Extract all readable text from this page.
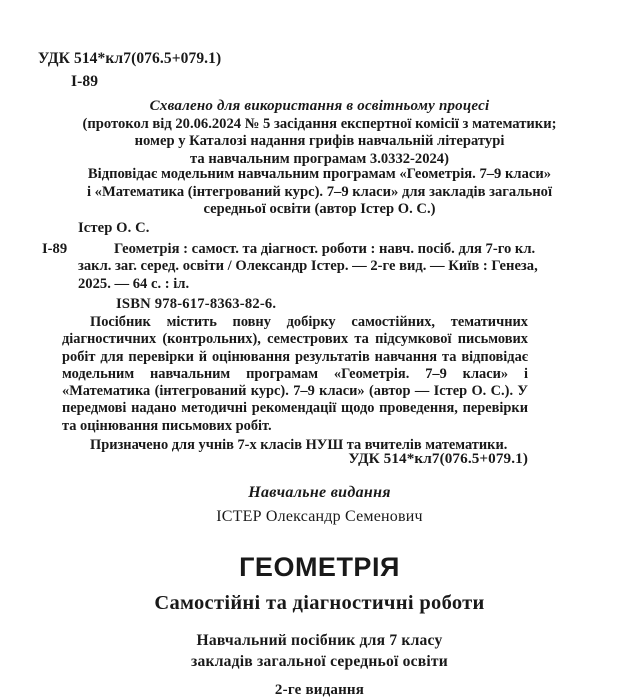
УДК 514*кл7(076.5+079.1)
І-89
Схвалено для використання в освітньому процесі
(протокол від 20.06.2024 № 5 засідання експертної комісії з математики;
номер у Каталозі надання грифів навчальній літературі
та навчальним програмам 3.0332-2024)
Відповідає модельним навчальним програмам «Геометрія. 7–9 класи»
і «Математика (інтегрований курс). 7–9 класи» для закладів загальної
середньої освіти (автор Істер О. С.)
Істер О. С.
І-89	Геометрія : самост. та діагност. роботи : навч. посіб. для 7-го кл. закл. заг. серед. освіти / Олександр Істер. — 2-ге вид. — Київ : Генеза, 2025. — 64 с. : іл.
ISBN 978-617-8363-82-6.

Посібник містить повну добірку самостійних, тематичних діагностичних (контрольних), семестрових та підсумкової письмових робіт для перевірки й оцінювання результатів навчання та відповідає модельним навчальним програмам «Геометрія. 7–9 класи» і «Математика (інтегрований курс). 7–9 класи» (автор — Істер О. С.). У передмові надано методичні рекомендації щодо проведення, перевірки та оцінювання письмових робіт.

Призначено для учнів 7-х класів НУШ та вчителів математики.

УДК 514*кл7(076.5+079.1)
Навчальне видання
ІСТЕР Олександр Семенович
ГЕОМЕТРІЯ
Самостійні та діагностичні роботи
Навчальний посібник для 7 класу
закладів загальної середньої освіти
2-ге видання
